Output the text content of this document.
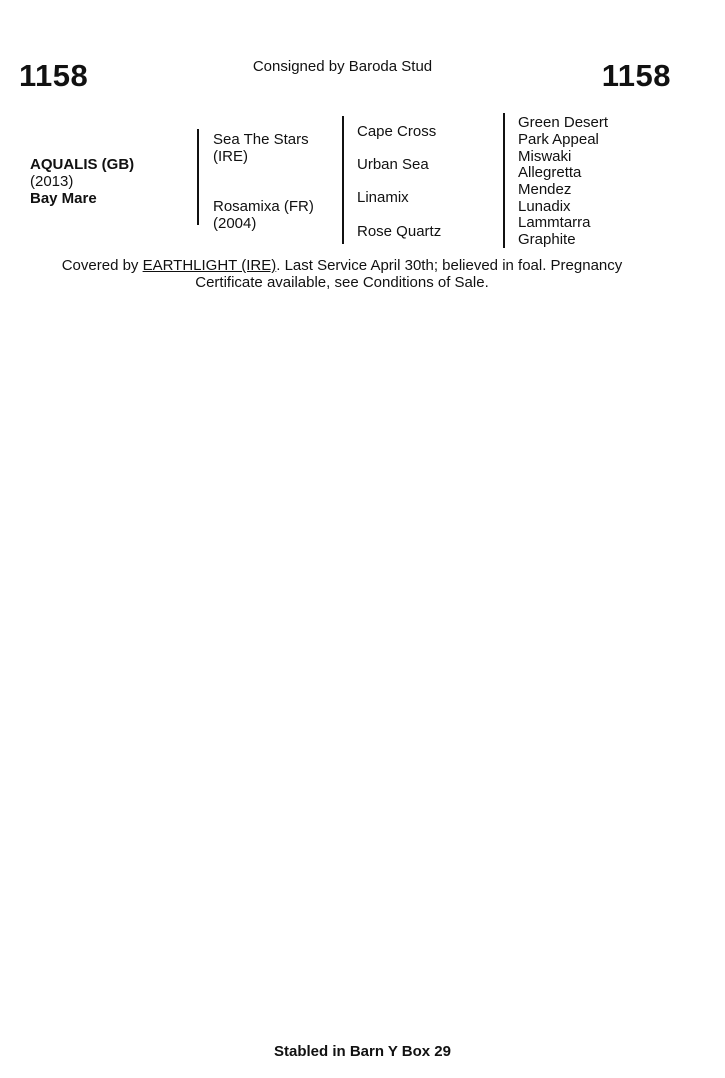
1158	Consigned by Baroda Stud	1158
AQUALIS (GB)
(2013)
Bay Mare
Sea The Stars (IRE)
Rosamixa (FR) (2004)
Cape Cross
Urban Sea
Linamix
Rose Quartz
Green Desert
Park Appeal
Miswaki
Allegretta
Mendez
Lunadix
Lammtarra
Graphite
Covered by EARTHLIGHT (IRE). Last Service April 30th; believed in foal. Pregnancy Certificate available, see Conditions of Sale.
Stabled in Barn Y Box 29
